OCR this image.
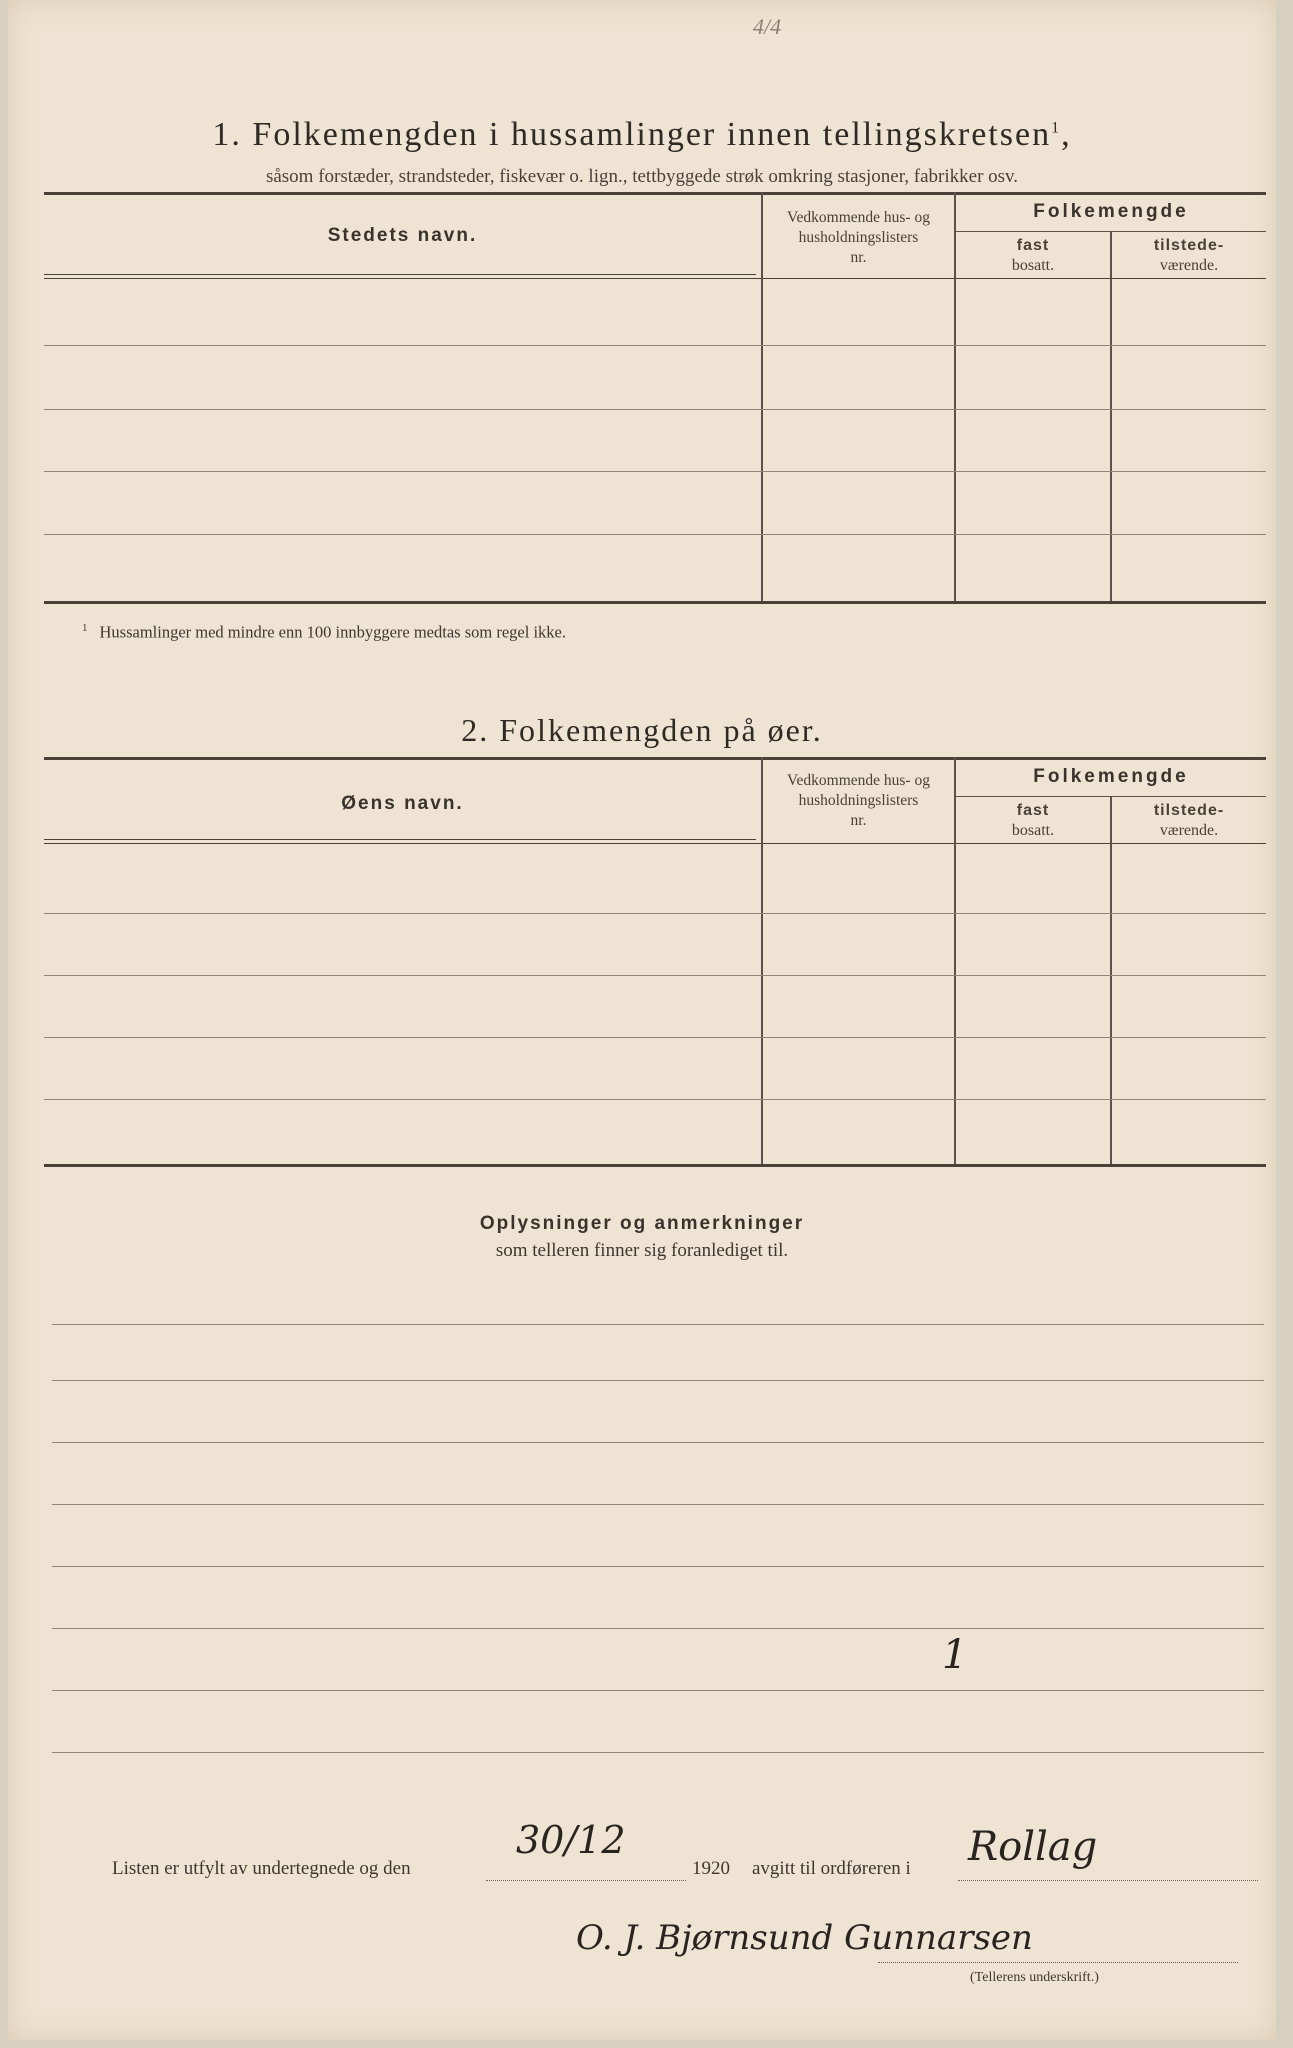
4/4
1. Folkemengden i hussamlinger innen tellingskretsen$^1$,
såsom forstæder, strandsteder, fiskevær o. lign., tettbyggede strøk omkring stasjoner, fabrikker osv.
Stedets navn.
Vedkommende hus- og
husholdningslisters
nr.
Folkemengde
fast
bosatt.
tilstede-
værende.
$^1$ Hussamlinger med mindre enn 100 innbyggere medtas som regel ikke.
2. Folkemengden på øer.
Øens navn.
Vedkommende hus- og
husholdningslisters
nr.
Folkemengde
fast
bosatt.
tilstede-
værende.
Oplysninger og anmerkninger
som telleren finner sig foranlediget til.
1
Listen er utfylt av undertegnede og den
30/12
1920 avgitt til ordføreren i Rollag
O. J. Bjørnsund Gunnarsen
(Tellerens underskrift.)
